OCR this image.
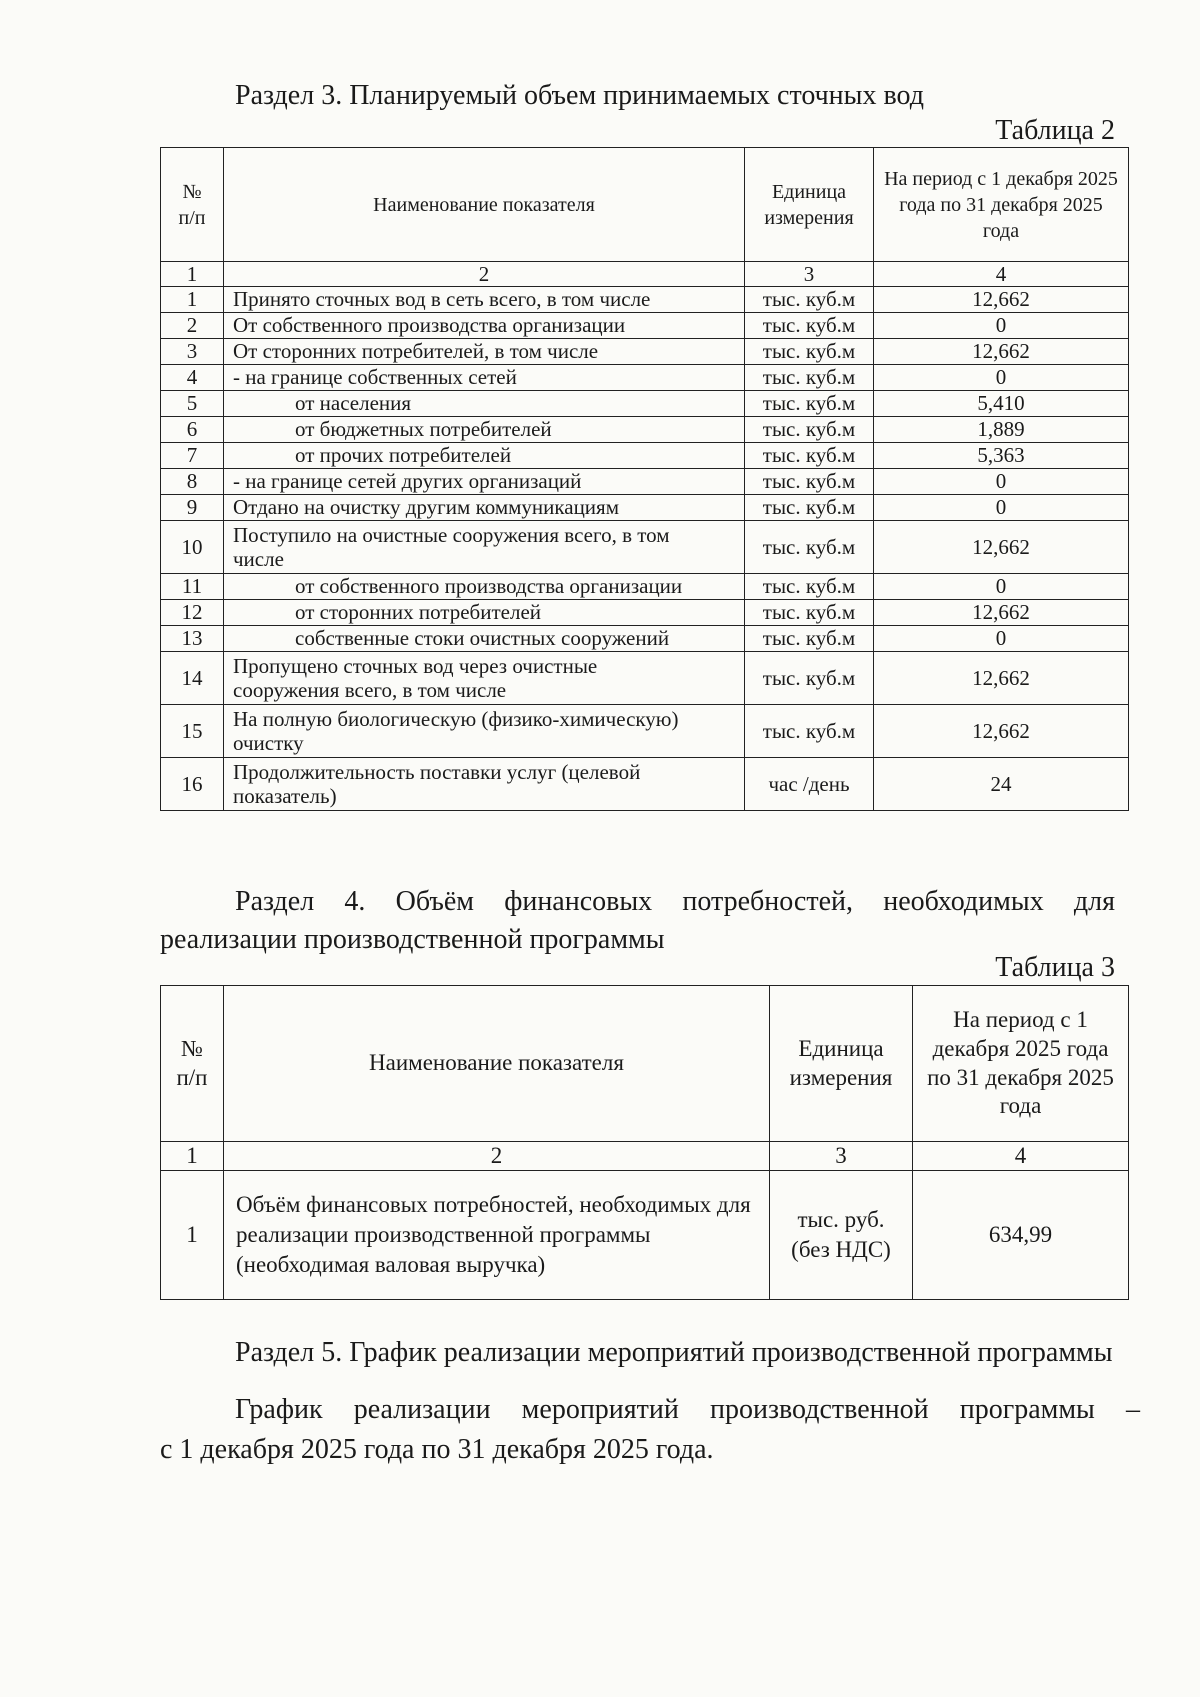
Раздел 3. Планируемый объем принимаемых сточных вод
Таблица 2
№ п/п	Наименование показателя	Единица измерения	На период с 1 декабря 2025 года по 31 декабря 2025 года

1	2	3	4
1	Принято сточных вод в сеть всего, в том числе	тыс. куб.м	12,662
2	От собственного производства организации	тыс. куб.м	0
3	От сторонних потребителей, в том числе	тыс. куб.м	12,662
4	- на границе собственных сетей	тыс. куб.м	0
5	от населения	тыс. куб.м	5,410
6	от бюджетных потребителей	тыс. куб.м	1,889
7	от прочих потребителей	тыс. куб.м	5,363
8	- на границе сетей других организаций	тыс. куб.м	0
9	Отдано на очистку другим коммуникациям	тыс. куб.м	0
10	Поступило на очистные сооружения всего, в том числе	тыс. куб.м	12,662
11	от собственного производства организации	тыс. куб.м	0
12	от сторонних потребителей	тыс. куб.м	12,662
13	собственные стоки очистных сооружений	тыс. куб.м	0
14	Пропущено сточных вод через очистные сооружения всего, в том числе	тыс. куб.м	12,662
15	На полную биологическую (физико-химическую) очистку	тыс. куб.м	12,662
16	Продолжительность поставки услуг (целевой показатель)	час /день	24
Раздел 4. Объём финансовых потребностей, необходимых для
реализации производственной программы
Таблица 3
№ п/п	Наименование показателя	Единица измерения	На период с 1 декабря 2025 года по 31 декабря 2025 года

1	2	3	4
1	Объём финансовых потребностей, необходимых для реализации производственной программы (необходимая валовая выручка)	тыс. руб. (без НДС)	634,99
Раздел 5. График реализации мероприятий производственной программы
График реализации мероприятий производственной программы –
с 1 декабря 2025 года по 31 декабря 2025 года.
